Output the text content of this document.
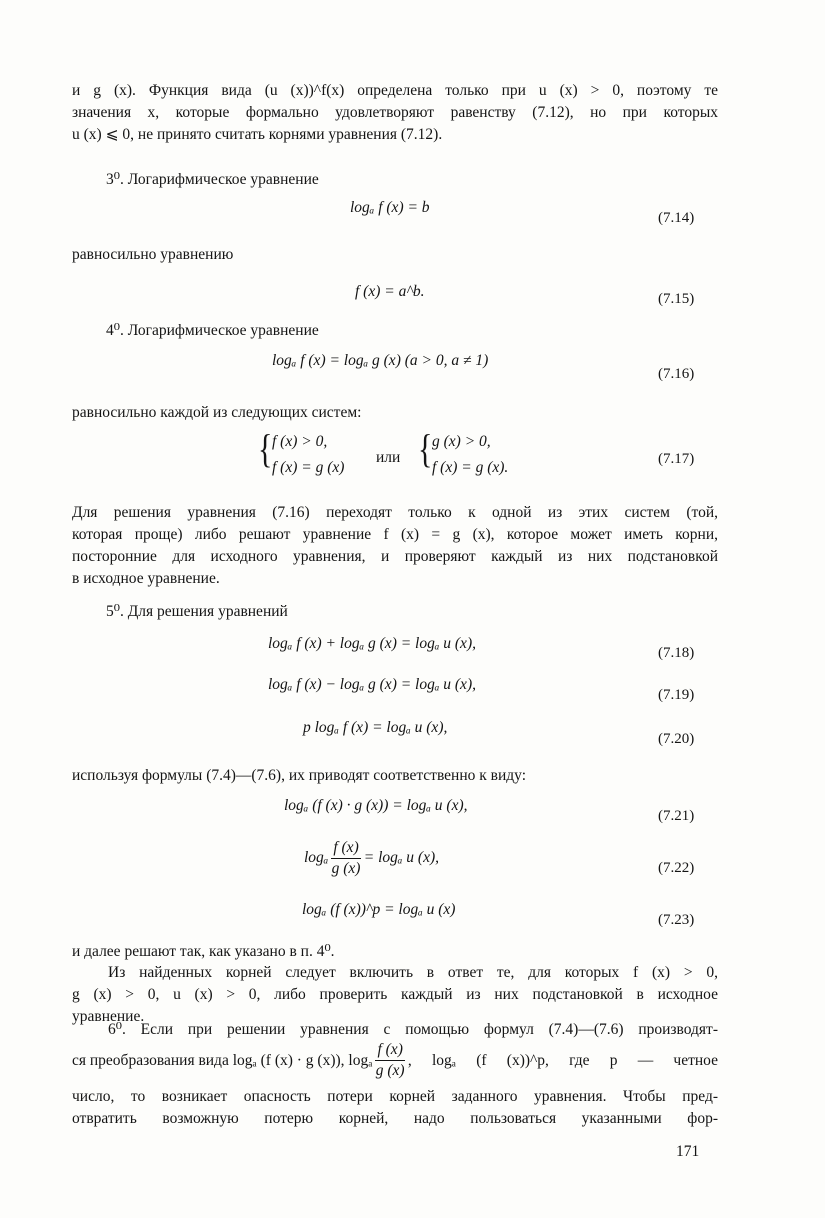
и g (x). Функция вида (u (x))^f(x) определена только при u (x) > 0, поэтому те
значения x, которые формально удовлетворяют равенству (7.12), но при которых
u (x) ⩽ 0, не принято считать корнями уравнения (7.12).
3⁰. Логарифмическое уравнение
logₐ f (x) = b
(7.14)
равносильно уравнению
f (x) = a^b.	(7.15)
4⁰. Логарифмическое уравнение
logₐ f (x) = logₐ g (x) (a > 0, a ≠ 1)
(7.16)
равносильно каждой из следующих систем:
{ f (x) > 0,
f (x) = g (x)
или { g (x) > 0,
f (x) = g (x).	(7.17)
Для решения уравнения (7.16) переходят только к одной из этих систем (той,
которая проще) либо решают уравнение f (x) = g (x), которое может иметь корни,
посторонние для исходного уравнения, и проверяют каждый из них подстановкой
в исходное уравнение.
5⁰. Для решения уравнений
logₐ f (x) + logₐ g (x) = logₐ u (x),
(7.18)
logₐ f (x) − logₐ g (x) = logₐ u (x),
(7.19)
p logₐ f (x) = logₐ u (x),
(7.20)
используя формулы (7.4)—(7.6), их приводят соответственно к виду:
logₐ (f (x) · g (x)) = logₐ u (x),
(7.21)
logₐ $\frac{f (x)}{g (x)} = \log_a$ u (x),
(7.22)
logₐ (f (x))^p = logₐ u (x)
(7.23)
и далее решают так, как указано в п. 4⁰.
Из найденных корней следует включить в ответ те, для которых f (x) > 0,
g (x) > 0, u (x) > 0, либо проверить каждый из них подстановкой в исходное
уравнение.
6⁰. Если при решении уравнения с помощью формул (7.4)—(7.6) производят-
ся преобразования вида logₐ (f (x) · g (x)), logₐ $\frac{f (x)}{g (x)}$ , logₐ (f (x))^p, где p — четное
число, то возникает опасность потери корней заданного уравнения. Чтобы пред-
отвратить возможную потерю корней, надо пользоваться указанными фор-
171
